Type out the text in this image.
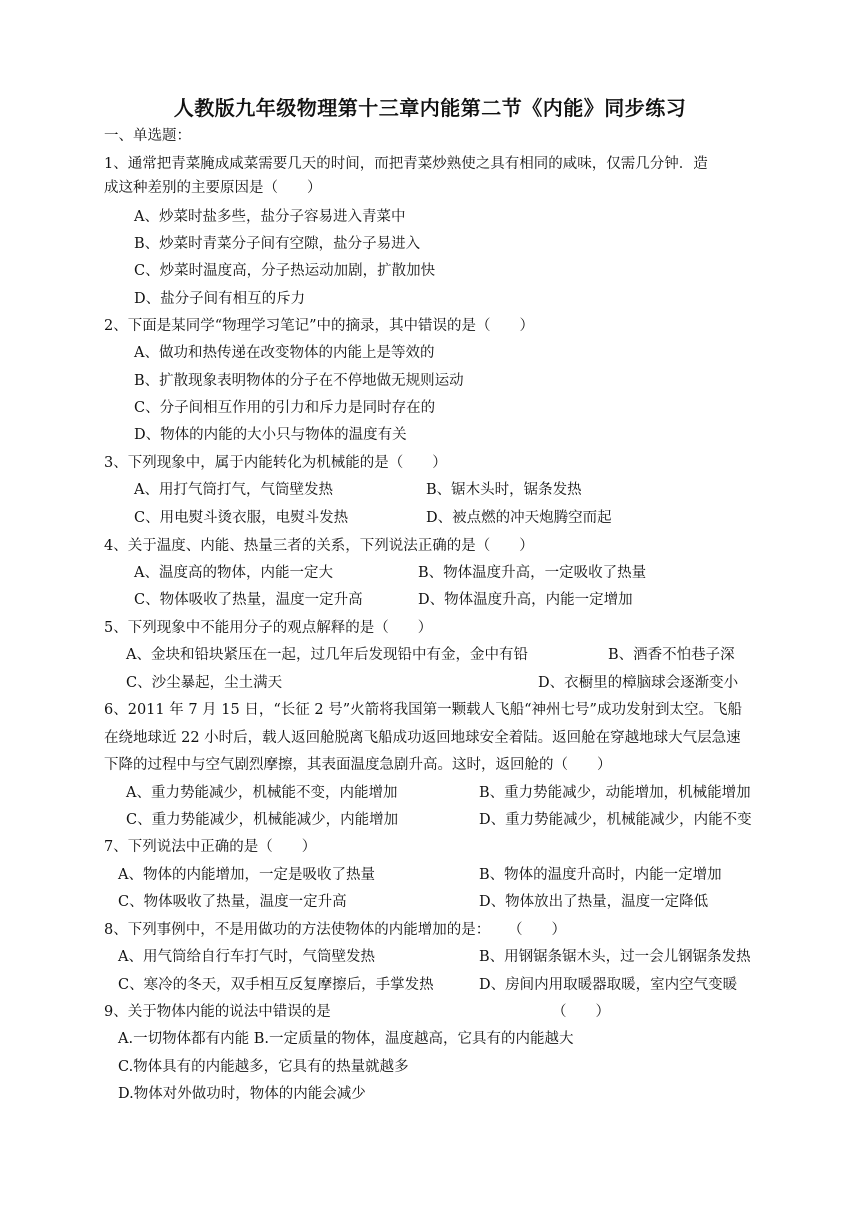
人教版九年级物理第十三章内能第二节《内能》同步练习
一、单选题：
1、通常把青菜腌成咸菜需要几天的时间，而把青菜炒熟使之具有相同的咸味，仅需几分钟．造
成这种差别的主要原因是（　　）
A、炒菜时盐多些，盐分子容易进入青菜中
B、炒菜时青菜分子间有空隙，盐分子易进入
C、炒菜时温度高，分子热运动加剧，扩散加快
D、盐分子间有相互的斥力
2、下面是某同学“物理学习笔记”中的摘录，其中错误的是（　　）
A、做功和热传递在改变物体的内能上是等效的
B、扩散现象表明物体的分子在不停地做无规则运动
C、分子间相互作用的引力和斥力是同时存在的
D、物体的内能的大小只与物体的温度有关
3、下列现象中，属于内能转化为机械能的是（　　）
A、用打气筒打气，气筒壁发热	B、锯木头时，锯条发热
C、用电熨斗烫衣服，电熨斗发热	D、被点燃的冲天炮腾空而起
4、关于温度、内能、热量三者的关系，下列说法正确的是（　　）
A、温度高的物体，内能一定大	B、物体温度升高，一定吸收了热量
C、物体吸收了热量，温度一定升高	D、物体温度升高，内能一定增加
5、下列现象中不能用分子的观点解释的是（　　）
A、金块和铅块紧压在一起，过几年后发现铅中有金，金中有铅	B、酒香不怕巷子深
C、沙尘暴起，尘土满天	D、衣橱里的樟脑球会逐渐变小
6、2011 年 7 月 15 日，“长征 2 号”火箭将我国第一颗载人飞船“神州七号”成功发射到太空。飞船
在绕地球近 22 小时后，载人返回舱脱离飞船成功返回地球安全着陆。返回舱在穿越地球大气层急速
下降的过程中与空气剧烈摩擦，其表面温度急剧升高。这时，返回舱的（　　）
A、重力势能减少，机械能不变，内能增加	B、重力势能减少，动能增加，机械能增加
C、重力势能减少，机械能减少，内能增加	D、重力势能减少，机械能减少，内能不变
7、下列说法中正确的是（　　）
A、物体的内能增加，一定是吸收了热量	B、物体的温度升高时，内能一定增加
C、物体吸收了热量，温度一定升高	D、物体放出了热量，温度一定降低
8、下列事例中，不是用做功的方法使物体的内能增加的是： （　　）
A、用气筒给自行车打气时，气筒壁发热	B、用钢锯条锯木头，过一会儿钢锯条发热
C、寒冷的冬天，双手相互反复摩擦后，手掌发热	D、房间内用取暖器取暖，室内空气变暖
9、关于物体内能的说法中错误的是	（　　）
A.一切物体都有内能 B.一定质量的物体，温度越高，它具有的内能越大
C.物体具有的内能越多，它具有的热量就越多
D.物体对外做功时，物体的内能会减少
